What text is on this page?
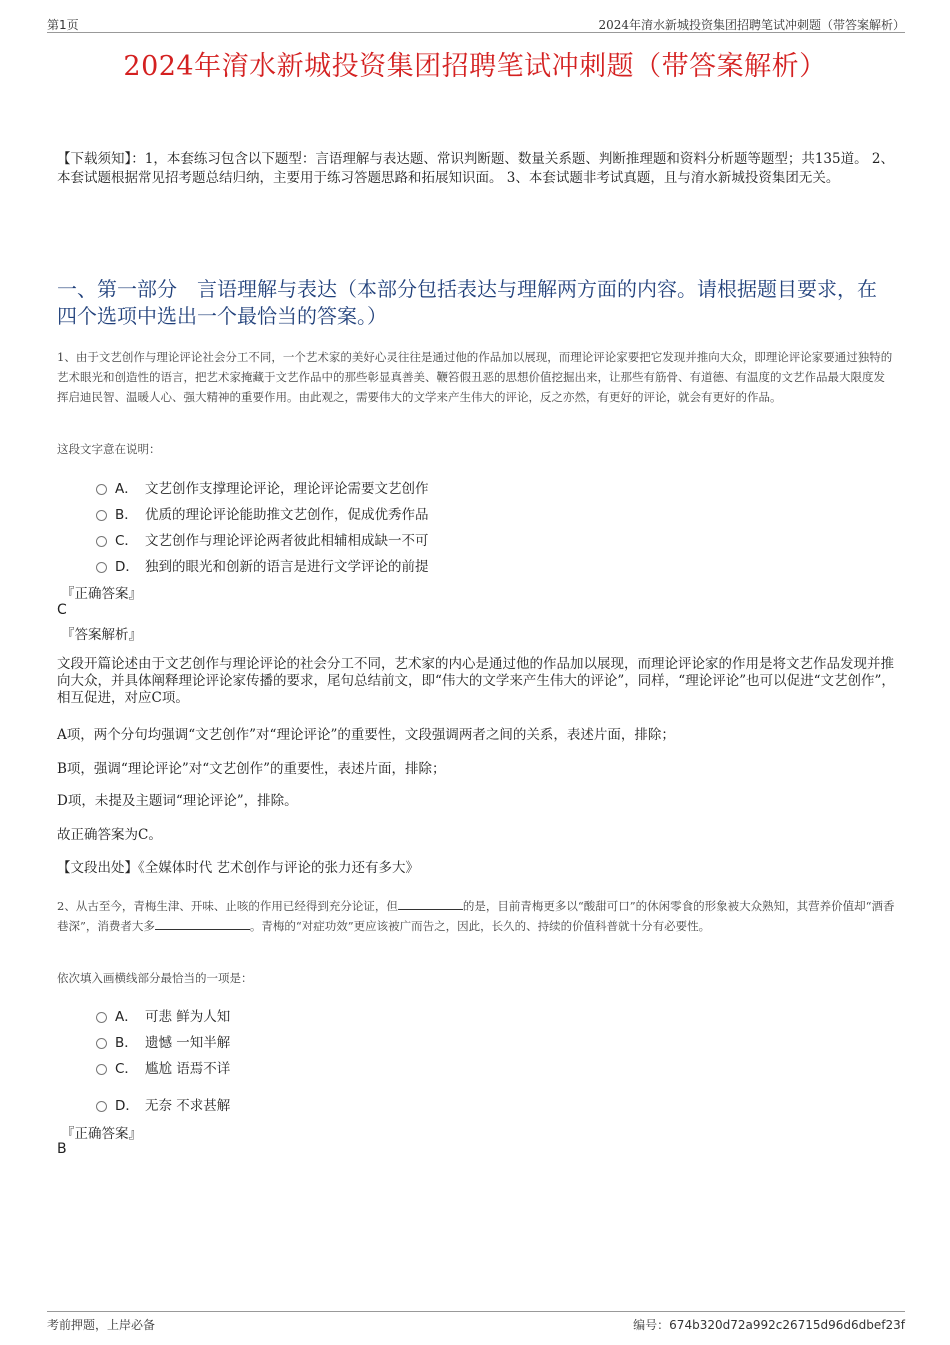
第1页	2024年淯水新城投资集团招聘笔试冲刺题（带答案解析）
2024年淯水新城投资集团招聘笔试冲刺题（带答案解析）

【下载须知】：1，本套练习包含以下题型：言语理解与表达题、常识判断题、数量关系题、判断推理题和资料分析题等题型；共135道。 2、本套试题根据常见招考题总结归纳，主要用于练习答题思路和拓展知识面。 3、本套试题非考试真题，且与淯水新城投资集团无关。

一、第一部分　言语理解与表达（本部分包括表达与理解两方面的内容。请根据题目要求，在四个选项中选出一个最恰当的答案。）

1、由于文艺创作与理论评论社会分工不同，一个艺术家的美好心灵往往是通过他的作品加以展现，而理论评论家要把它发现并推向大众，即理论评论家要通过独特的艺术眼光和创造性的语言，把艺术家掩藏于文艺作品中的那些彰显真善美、鞭笞假丑恶的思想价值挖掘出来，让那些有筋骨、有道德、有温度的文艺作品最大限度发挥启迪民智、温暖人心、强大精神的重要作用。由此观之，需要伟大的文学来产生伟大的评论，反之亦然，有更好的评论，就会有更好的作品。

这段文字意在说明：

A． 文艺创作支撑理论评论，理论评论需要文艺创作
B． 优质的理论评论能助推文艺创作，促成优秀作品
C． 文艺创作与理论评论两者彼此相辅相成缺一不可
D． 独到的眼光和创新的语言是进行文学评论的前提

『正确答案』

C

『答案解析』

文段开篇论述由于文艺创作与理论评论的社会分工不同，艺术家的内心是通过他的作品加以展现，而理论评论家的作用是将文艺作品发现并推向大众，并具体阐释理论评论家传播的要求，尾句总结前文，即“伟大的文学来产生伟大的评论”，同样，“理论评论”也可以促进“文艺创作”，相互促进，对应C项。

A项，两个分句均强调“文艺创作”对“理论评论”的重要性，文段强调两者之间的关系，表述片面，排除；

B项，强调“理论评论”对“文艺创作”的重要性，表述片面，排除；

D项，未提及主题词“理论评论”，排除。

故正确答案为C。

【文段出处】《全媒体时代 艺术创作与评论的张力还有多大》

2、从古至今，青梅生津、开味、止咳的作用已经得到充分论证，但	的是，目前青梅更多以“酸甜可口”的休闲零食的形象被大众熟知，其营养价值却“酒香巷深”，消费者大多	。青梅的“对症功效”更应该被广而告之，因此，长久的、持续的价值科普就十分有必要性。

依次填入画横线部分最恰当的一项是：

A． 可悲 鲜为人知
B． 遗憾 一知半解
C． 尴尬 语焉不详
D． 无奈 不求甚解

『正确答案』

B

考前押题，上岸必备	编号：674b320d72a992c26715d96d6dbef23f
